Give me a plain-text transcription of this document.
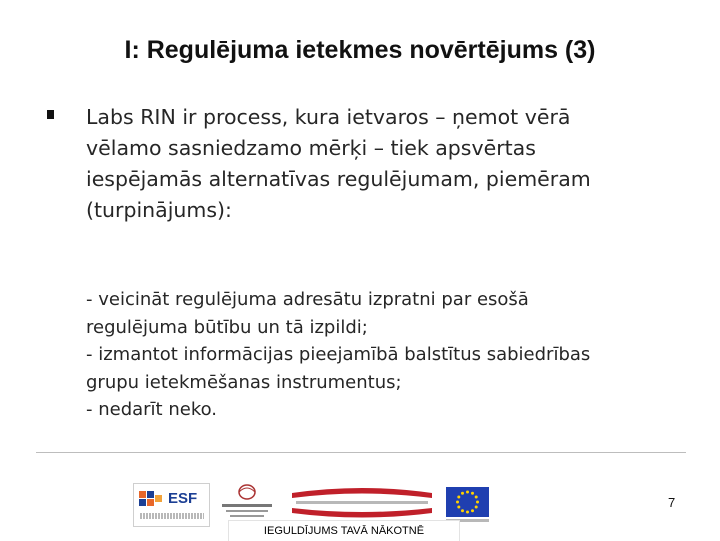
I: Regulējuma ietekmes novērtējums (3)
Labs RIN ir process, kura ietvaros – ņemot vērā
vēlamo sasniedzamo mērķi – tiek apsvērtas
iespējamās alternatīvas regulējumam, piemēram
(turpinājums):
- veicināt regulējuma adresātu izpratni par esošā
regulējuma būtību un tā izpildi;
- izmantot informācijas pieejamībā balstītus sabiedrības
grupu ietekmēšanas instrumentus;
- nedarīt neko.
ESF
IEGULDĪJUMS TAVĀ NĀKOTNĒ
7
